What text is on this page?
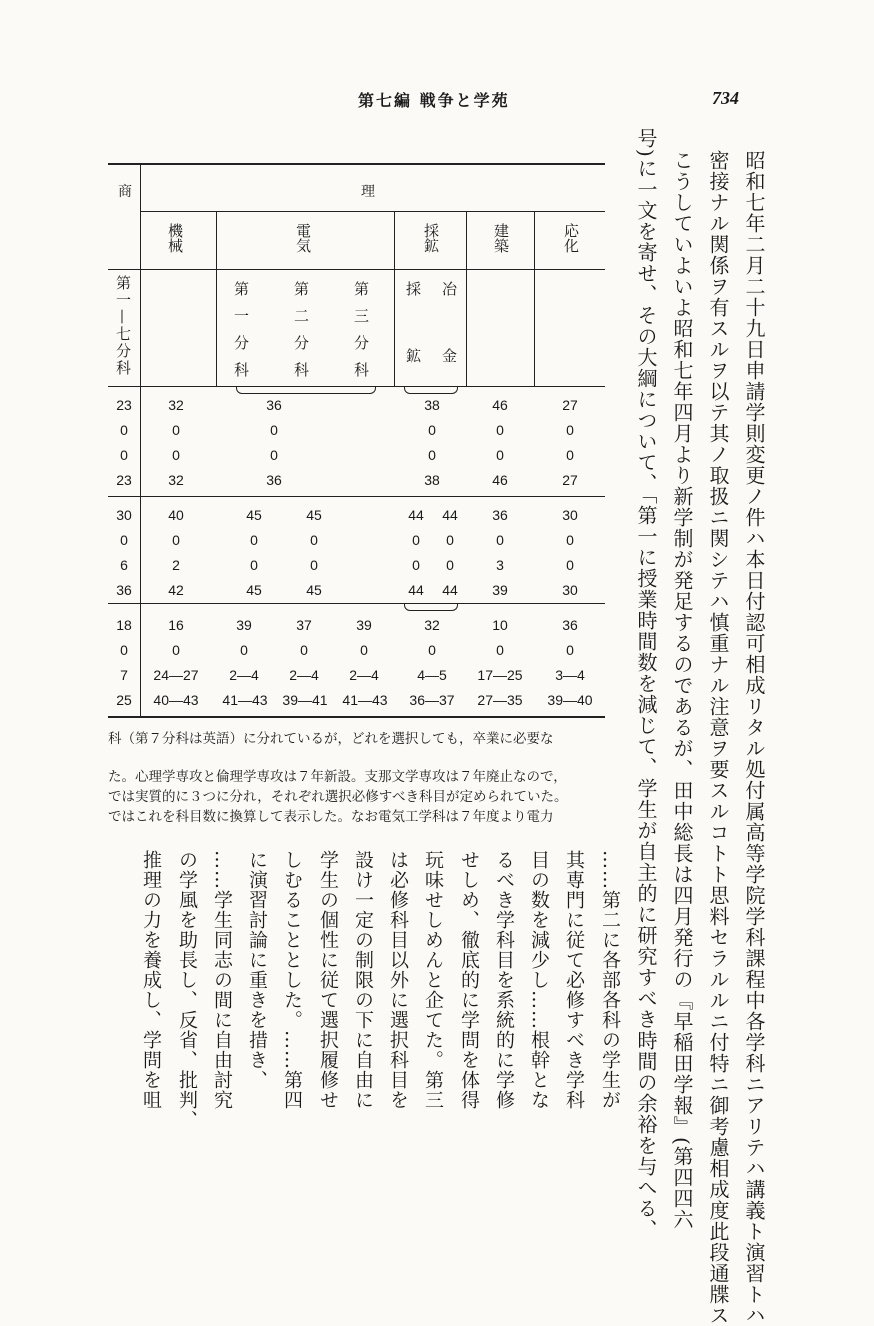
第七編 戦争と学苑	734
昭和七年二月二十九日申請学則変更ノ件ハ本日付認可相成リタル処付属高等学院学科課程中各学科ニアリテハ講義ト演習トハ
密接ナル関係ヲ有スルヲ以テ其ノ取扱ニ関シテハ慎重ナル注意ヲ要スルコトト思料セラルルニ付特ニ御考慮相成度此段通牒ス
こうしていよいよ昭和七年四月より新学制が発足するのであるが、田中総長は四月発行の『早稲田学報』(第四四六
号)に一文を寄せ、その大綱について、「第一に授業時間数を減じて、学生が自主的に研究すべき時間の余裕を与へる、
……第二に各部各科の学生が
其専門に従て必修すべき学科
目の数を減少し……根幹とな
るべき学科目を系統的に学修
せしめ、徹底的に学問を体得
玩味せしめんと企てた。第三
は必修科目以外に選択科目を
設け一定の制限の下に自由に
学生の個性に従て選択履修せ
しむることとした。……第四
に演習討論に重きを措き、
……学生同志の間に自由討究
の学風を助長し、反省、批判、
推理の力を養成し、学問を咀
商	理
機械	電気	採鉱	建築	応化
第一—七分科	第一分科	第二分科	第三分科 採鉱 冶金
23	32	36	38	46	27
0	0	0	0	0	0
0	0	0	0	0	0
23	32	36	38	46	27
30	40	45	45	44	44	36	30
0	0	0	0	0	0	0	0
6	2	0	0	0	0	3	0
36	42	45	45	44	44	39	30
18	16	39	37	39	32	10	36
0	0	0	0	0	0	0	0
7	24—27	2—4	2—4	2—4	4—5	17—25	3—4
25	40—43	41—43	39—41	41—43	36—37	27—35	39—40
科（第７分科は英語）に分れているが，どれを選択しても，卒業に必要な
た。心理学専攻と倫理学専攻は７年新設。支那文学専攻は７年廃止なので，
では実質的に３つに分れ，それぞれ選択必修すべき科目が定められていた。
ではこれを科目数に換算して表示した。なお電気工学科は７年度より電力
